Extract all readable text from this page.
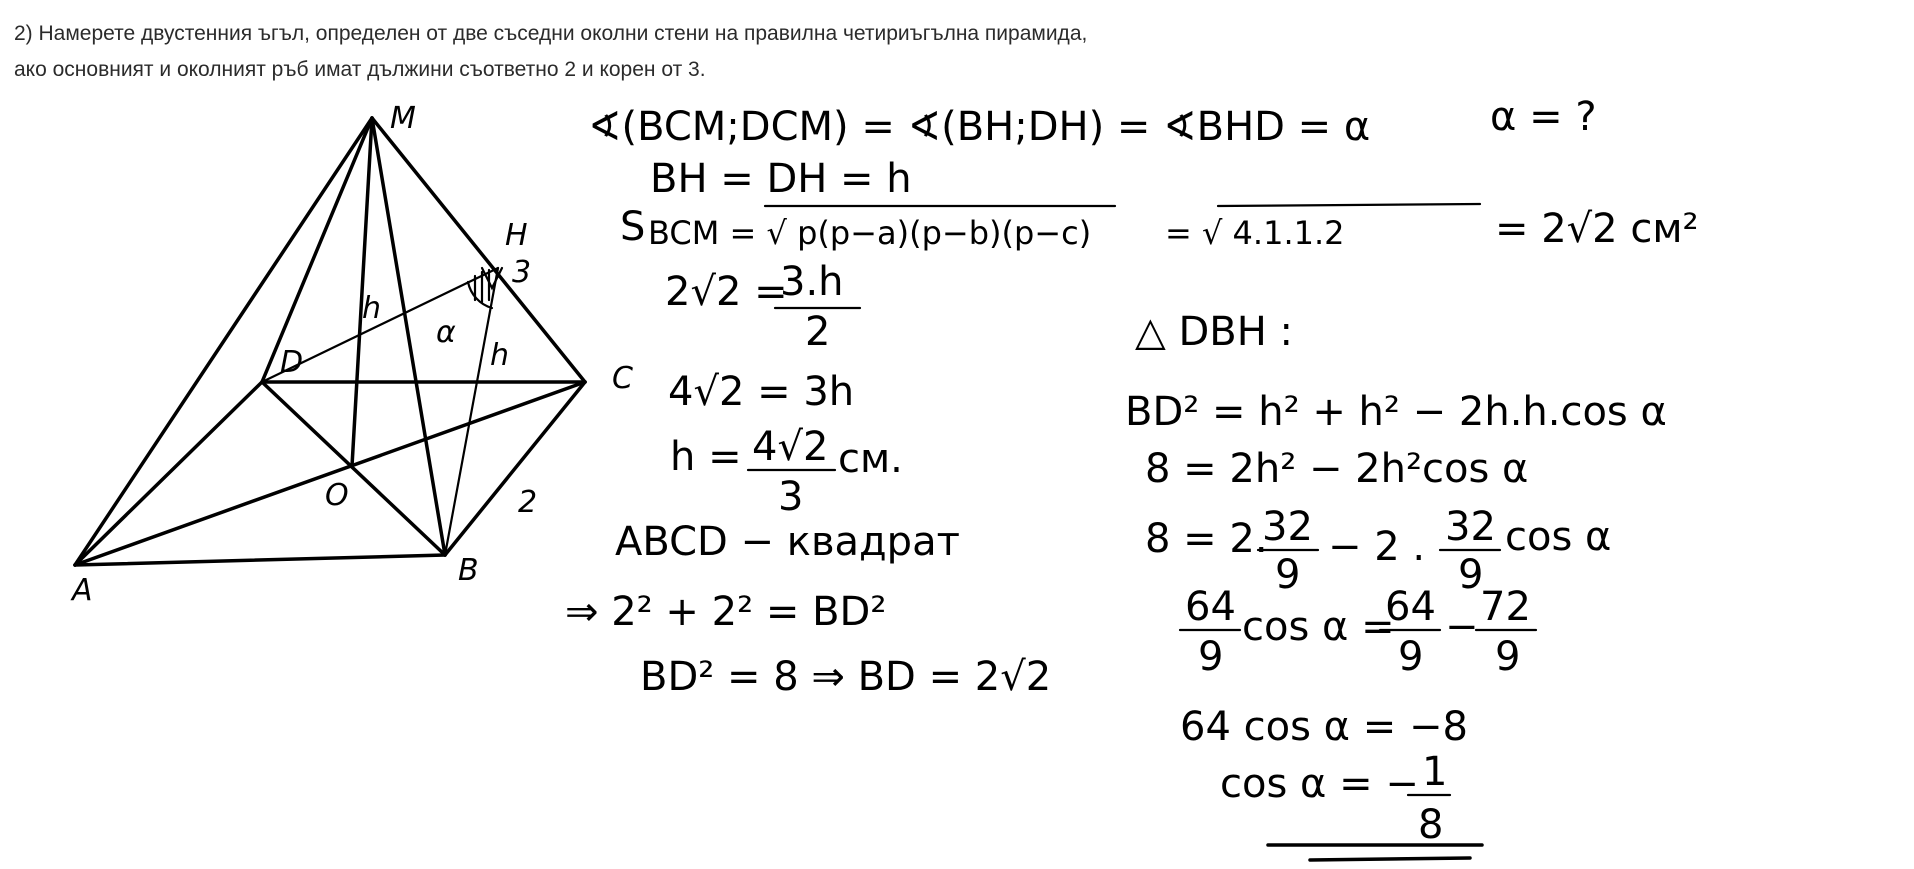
2) Намерете двустенния ъгъл, определен от две съседни околни стени на правилна четириъгълна пирамида,

ако основният и околният ръб имат дължини съответно 2 и корен от 3.

M
H
3
C
D
O
B
A
h
h
α
2
∢(BCM;DCM) = ∢(BH;DH) = ∢BHD = α	α = ?
BH = DH = h
S BCM = √ p(p−a)(p−b)(p−c) = √ 4.1.1.2	= 2√2 см²
2√2 =
3.h
2
4√2 = 3h
h = 4√2
3
см.
ABCD − квадрат
⇒ 2² + 2² = BD²
BD² = 8 ⇒ BD = 2√2
△ DBH :
BD² = h² + h² − 2h.h.cos α
8 = 2h² − 2h²cos α
8 = 2.
32
9
− 2 . 32
9
cos α
64
9
cos α =
64
9
− 72
9
64 cos α = −8
cos α = − 1
8
